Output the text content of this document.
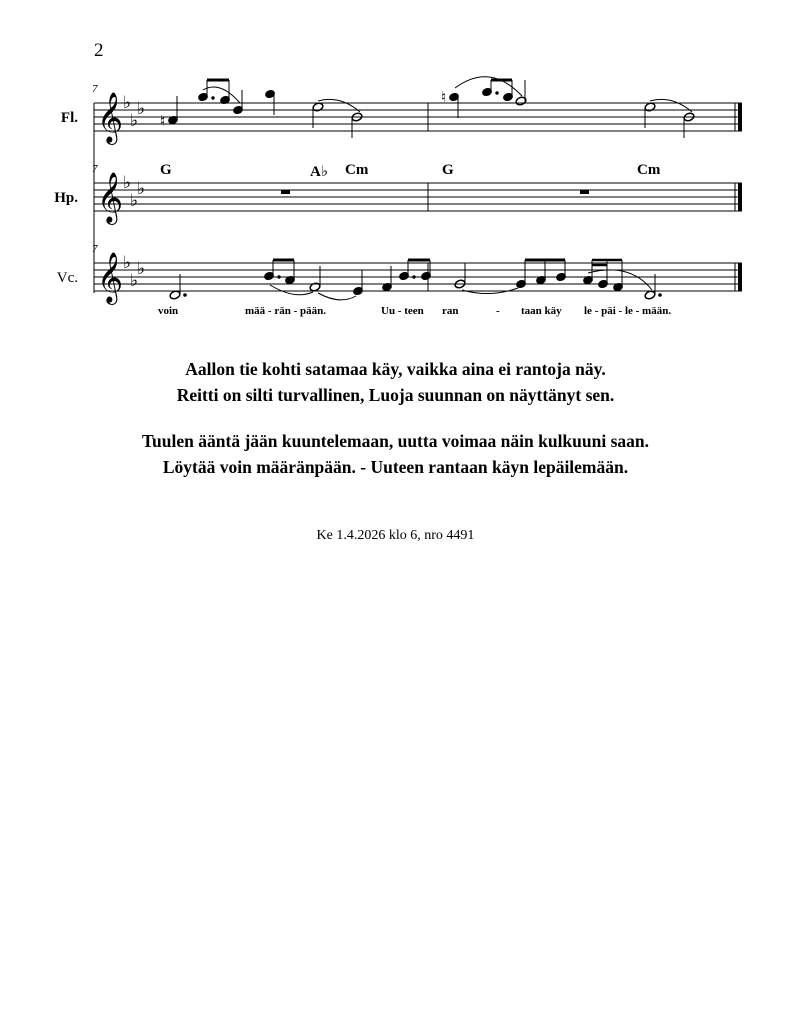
2
Fl.
Hp.
Vc.
7
7
7
𝄞
𝄞
𝄞
♭
♭
♭
♭
♭
♭
♭
♭
♭
♮
♮
G	A♭ Cm	G	Cm
voin	mää - rän - pään.	Uu - teen ran	- taan käy le - päi - le - mään.
Aallon tie kohti satamaa käy, vaikka aina ei rantoja näy.
Reitti on silti turvallinen, Luoja suunnan on näyttänyt sen.
Tuulen ääntä jään kuuntelemaan, uutta voimaa näin kulkuuni saan.
Löytää voin määränpään. - Uuteen rantaan käyn lepäilemään.
Ke 1.4.2026 klo 6, nro 4491
